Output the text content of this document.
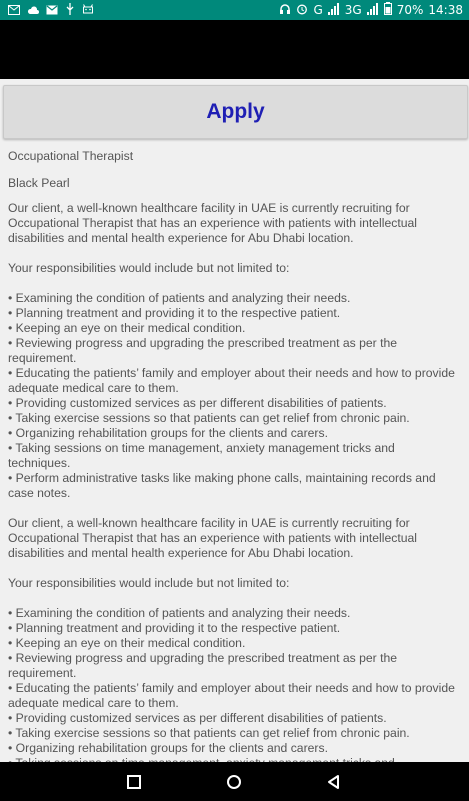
G 3G	70% 14:38
Apply

Occupational Therapist

Black Pearl

Our client, a well-known healthcare facility in UAE is currently recruiting for Occupational Therapist that has an experience with patients with intellectual disabilities and mental health experience for Abu Dhabi location.

Your responsibilities would include but not limited to:

• Examining the condition of patients and analyzing their needs.
• Planning treatment and providing it to the respective patient.
• Keeping an eye on their medical condition.
• Reviewing progress and upgrading the prescribed treatment as per the requirement.
• Educating the patients’ family and employer about their needs and how to provide adequate medical care to them.
• Providing customized services as per different disabilities of patients.
• Taking exercise sessions so that patients can get relief from chronic pain.
• Organizing rehabilitation groups for the clients and carers.
• Taking sessions on time management, anxiety management tricks and techniques.
• Perform administrative tasks like making phone calls, maintaining records and case notes.

Our client, a well-known healthcare facility in UAE is currently recruiting for Occupational Therapist that has an experience with patients with intellectual disabilities and mental health experience for Abu Dhabi location.

Your responsibilities would include but not limited to:

• Examining the condition of patients and analyzing their needs.
• Planning treatment and providing it to the respective patient.
• Keeping an eye on their medical condition.
• Reviewing progress and upgrading the prescribed treatment as per the requirement.
• Educating the patients’ family and employer about their needs and how to provide adequate medical care to them.
• Providing customized services as per different disabilities of patients.
• Taking exercise sessions so that patients can get relief from chronic pain.
• Organizing rehabilitation groups for the clients and carers.
